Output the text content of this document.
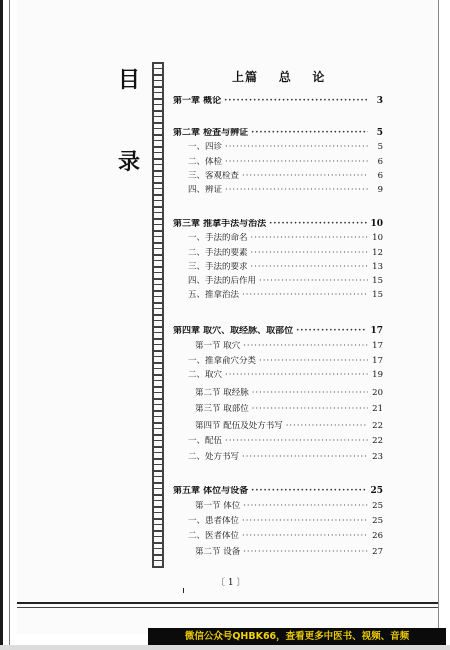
目
录
上篇    总    论
第一章 概论 ·····	3
第二章 检查与辨证 ·····	5
一、四诊 ·····	5
二、体检 ·····	6
三、客观检查 ·····	6
四、辨证 ·····	9
第三章 推拿手法与治法 ·····	10
一、手法的命名 ·····	10
二、手法的要素 ·····	12
三、手法的要求 ·····	13
四、手法的后作用 ·····	15
五、推拿治法 ·····	15
第四章 取穴、取经脉、取部位 ·····	17
第一节 取穴 ·····	17
一、推拿俞穴分类 ·····	17
二、取穴 ·····	19
第二节 取经脉 ·····	20
第三节 取部位 ·····	21
第四节 配伍及处方书写 ·····	22
一、配伍 ·····	22
二、处方书写 ·····	23
第五章 体位与设备 ·····	25
第一节 体位 ·····	25
一、患者体位 ·····	25
二、医者体位 ·····	26
第二节 设备 ·····	27
〔 1 〕
微信公众号QHBK66，查看更多中医书、视频、音频
